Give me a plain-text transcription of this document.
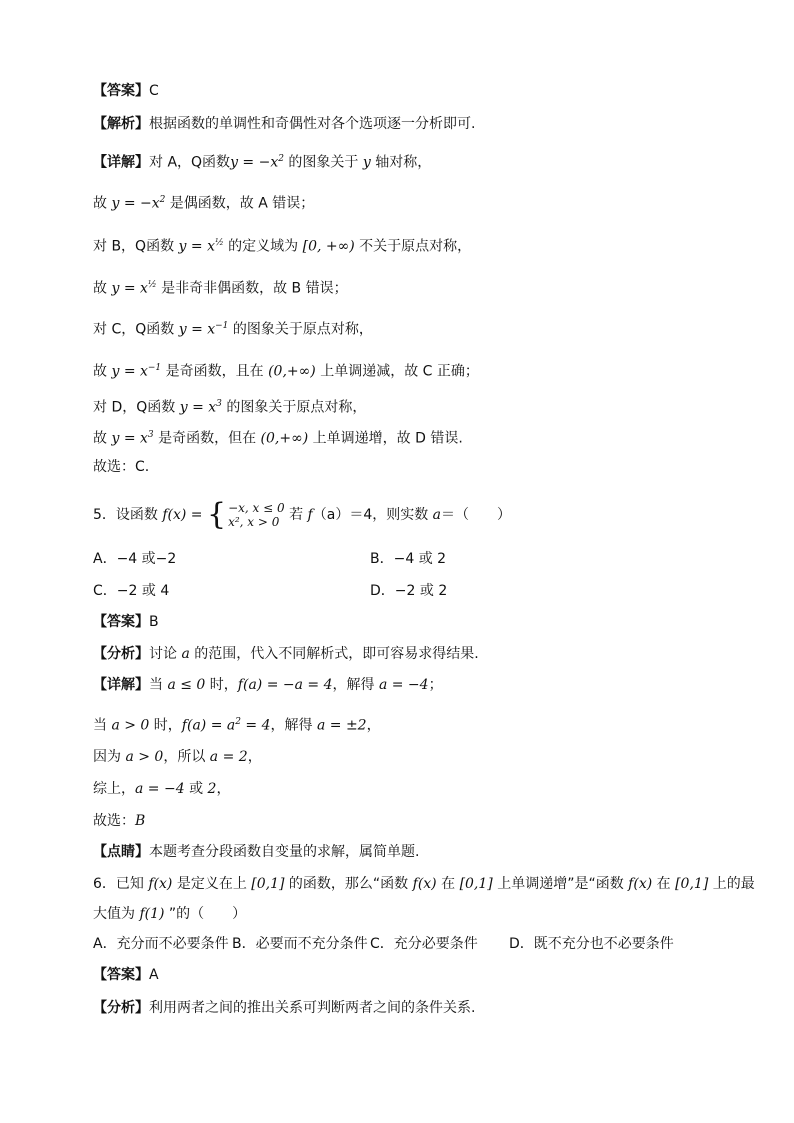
【答案】C
【解析】根据函数的单调性和奇偶性对各个选项逐一分析即可.
【详解】对 A，Q函数$y = -x^2$ 的图象关于 y 轴对称，
故 $y = -x^2$ 是偶函数，故 A 错误；
对 B，Q函数 $y = x^{\frac{1}{2}}$ 的定义域为 [0, +∞) 不关于原点对称，
故 $y = x^{\frac{1}{2}}$ 是非奇非偶函数，故 B 错误；
对 C，Q函数 $y = x^{-1}$ 的图象关于原点对称，
故 $y = x^{-1}$ 是奇函数，且在 (0,+∞) 上单调递减，故 C 正确；
对 D，Q函数 $y = x^3$ 的图象关于原点对称，
故 $y = x^3$ 是奇函数，但在 (0,+∞) 上单调递增，故 D 错误.
故选：C.
5．设函数 f(x) = { −x, x ≤ 0
x², x > 0 若 f（a）＝4，则实数 a＝（　　）
A．−4 或−2	B．−4 或 2
C．−2 或 4	D．−2 或 2
【答案】B
【分析】讨论 a 的范围，代入不同解析式，即可容易求得结果.
【详解】当 a ≤ 0 时，f(a) = −a = 4，解得 a = −4；
当 a > 0 时，$f(a) = a^2 = 4$，解得 a = ±2，
因为 a > 0，所以 a = 2，
综上，a = −4 或 2，
故选：B
【点睛】本题考查分段函数自变量的求解，属简单题.
6．已知 f(x) 是定义在上 [0,1] 的函数，那么“函数 f(x) 在 [0,1] 上单调递增”是“函数 f(x) 在 [0,1] 上的最
大值为 f(1) ”的（　　）
A．充分而不必要条件 B．必要而不充分条件 C．充分必要条件 D．既不充分也不必要条件
【答案】A
【分析】利用两者之间的推出关系可判断两者之间的条件关系.
